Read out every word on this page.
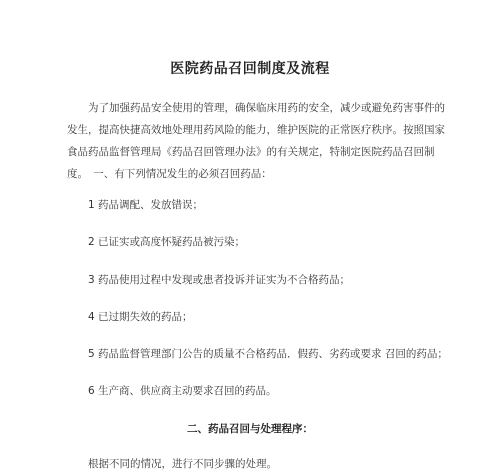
医院药品召回制度及流程

为了加强药品安全使用的管理，确保临床用药的安全，减少或避免药害事件的发生，提高快捷高效地处理用药风险的能力，维护医院的正常医疗秩序。按照国家食品药品监督管理局《药品召回管理办法》的有关规定，特制定医院药品召回制度。　一、有下列情况发生的必须召回药品：

1 药品调配、发放错误；

2 已证实或高度怀疑药品被污染；

3 药品使用过程中发现或患者投诉并证实为不合格药品；

4 已过期失效的药品；

5 药品监督管理部门公告的质量不合格药品．假药、劣药或要求 召回的药品；

6 生产商、供应商主动要求召回的药品。

二、药品召回与处理程序：

根据不同的情况，进行不同步骤的处理。
